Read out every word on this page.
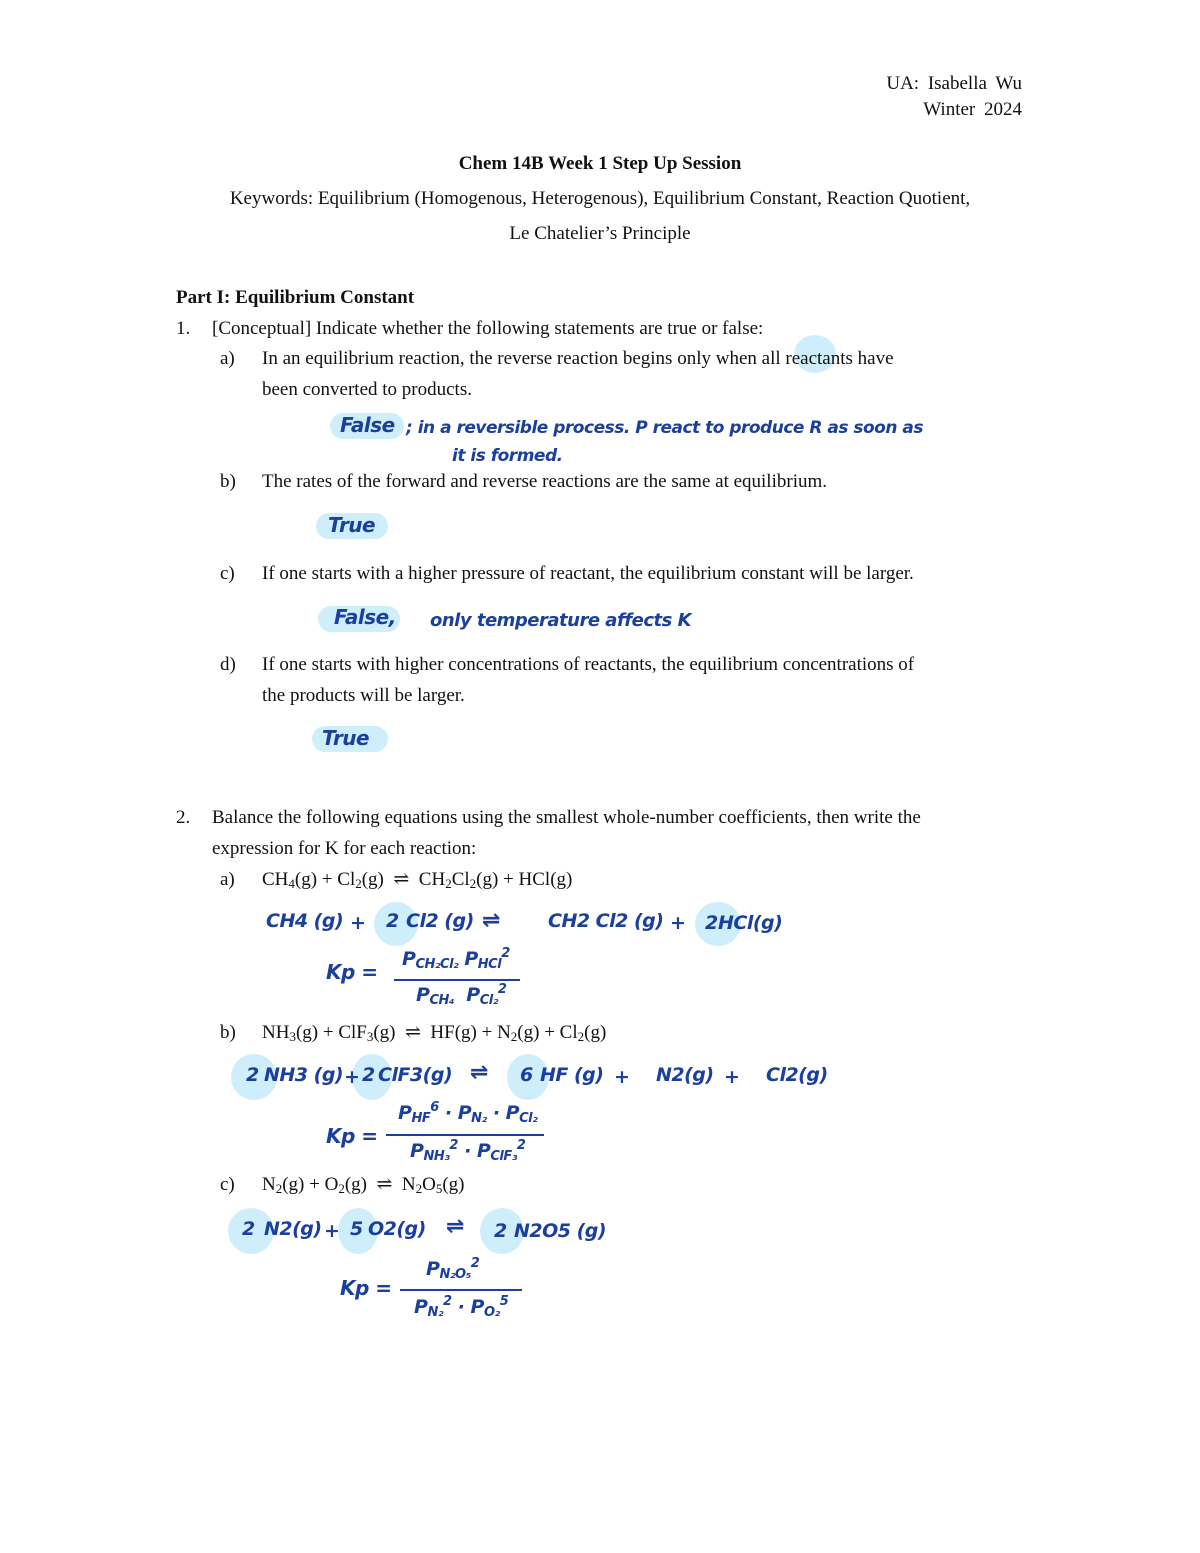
UA: Isabella Wu
Winter 2024
Chem 14B Week 1 Step Up Session
Keywords: Equilibrium (Homogenous, Heterogenous), Equilibrium Constant, Reaction Quotient,
Le Chatelier’s Principle
Part I: Equilibrium Constant
1. [Conceptual] Indicate whether the following statements are true or false:
a) In an equilibrium reaction, the reverse reaction begins only when all reactants have
been converted to products.
False ; in a reversible process. P react to produce R as soon as
it is formed.
b) The rates of the forward and reverse reactions are the same at equilibrium.
True
c) If one starts with a higher pressure of reactant, the equilibrium constant will be larger.
False, only temperature affects K
d) If one starts with higher concentrations of reactants, the equilibrium concentrations of
the products will be larger.
True
2. Balance the following equations using the smallest whole-number coefficients, then write the
expression for K for each reaction:
a) $CH_4(g) + Cl_2(g)$  ⇌  $CH_2Cl_2(g) + HCl(g)$
CH4 (g) + 2 Cl2 (g) ⇌	CH2 Cl2 (g) + 2 HCl(g)
Kp =
$P_{CH_2Cl_2}$ $P_{HCl}^2$
$P_{CH_4}$  $P_{Cl_2}^2$
b) $NH_3(g) + ClF_3(g)$  ⇌  $HF(g) + N_2(g) + Cl_2(g)$
2 NH3 (g) + 2 ClF3(g) ⇌ 6 HF (g) + N2(g) + Cl2(g)
Kp =
$P_{HF}^6 \cdot P_{N_2} \cdot P_{Cl_2}$
$P_{NH_3}^2 \cdot P_{ClF_3}^2$
c) $N_2(g) + O_2(g)$  ⇌  $N_2O_5(g)$
2 N2(g) + 5 O2(g) ⇌ 2 N2O5 (g)
Kp =
$P_{N_2O_5}^2$
$P_{N_2}^2 \cdot P_{O_2}^5$
